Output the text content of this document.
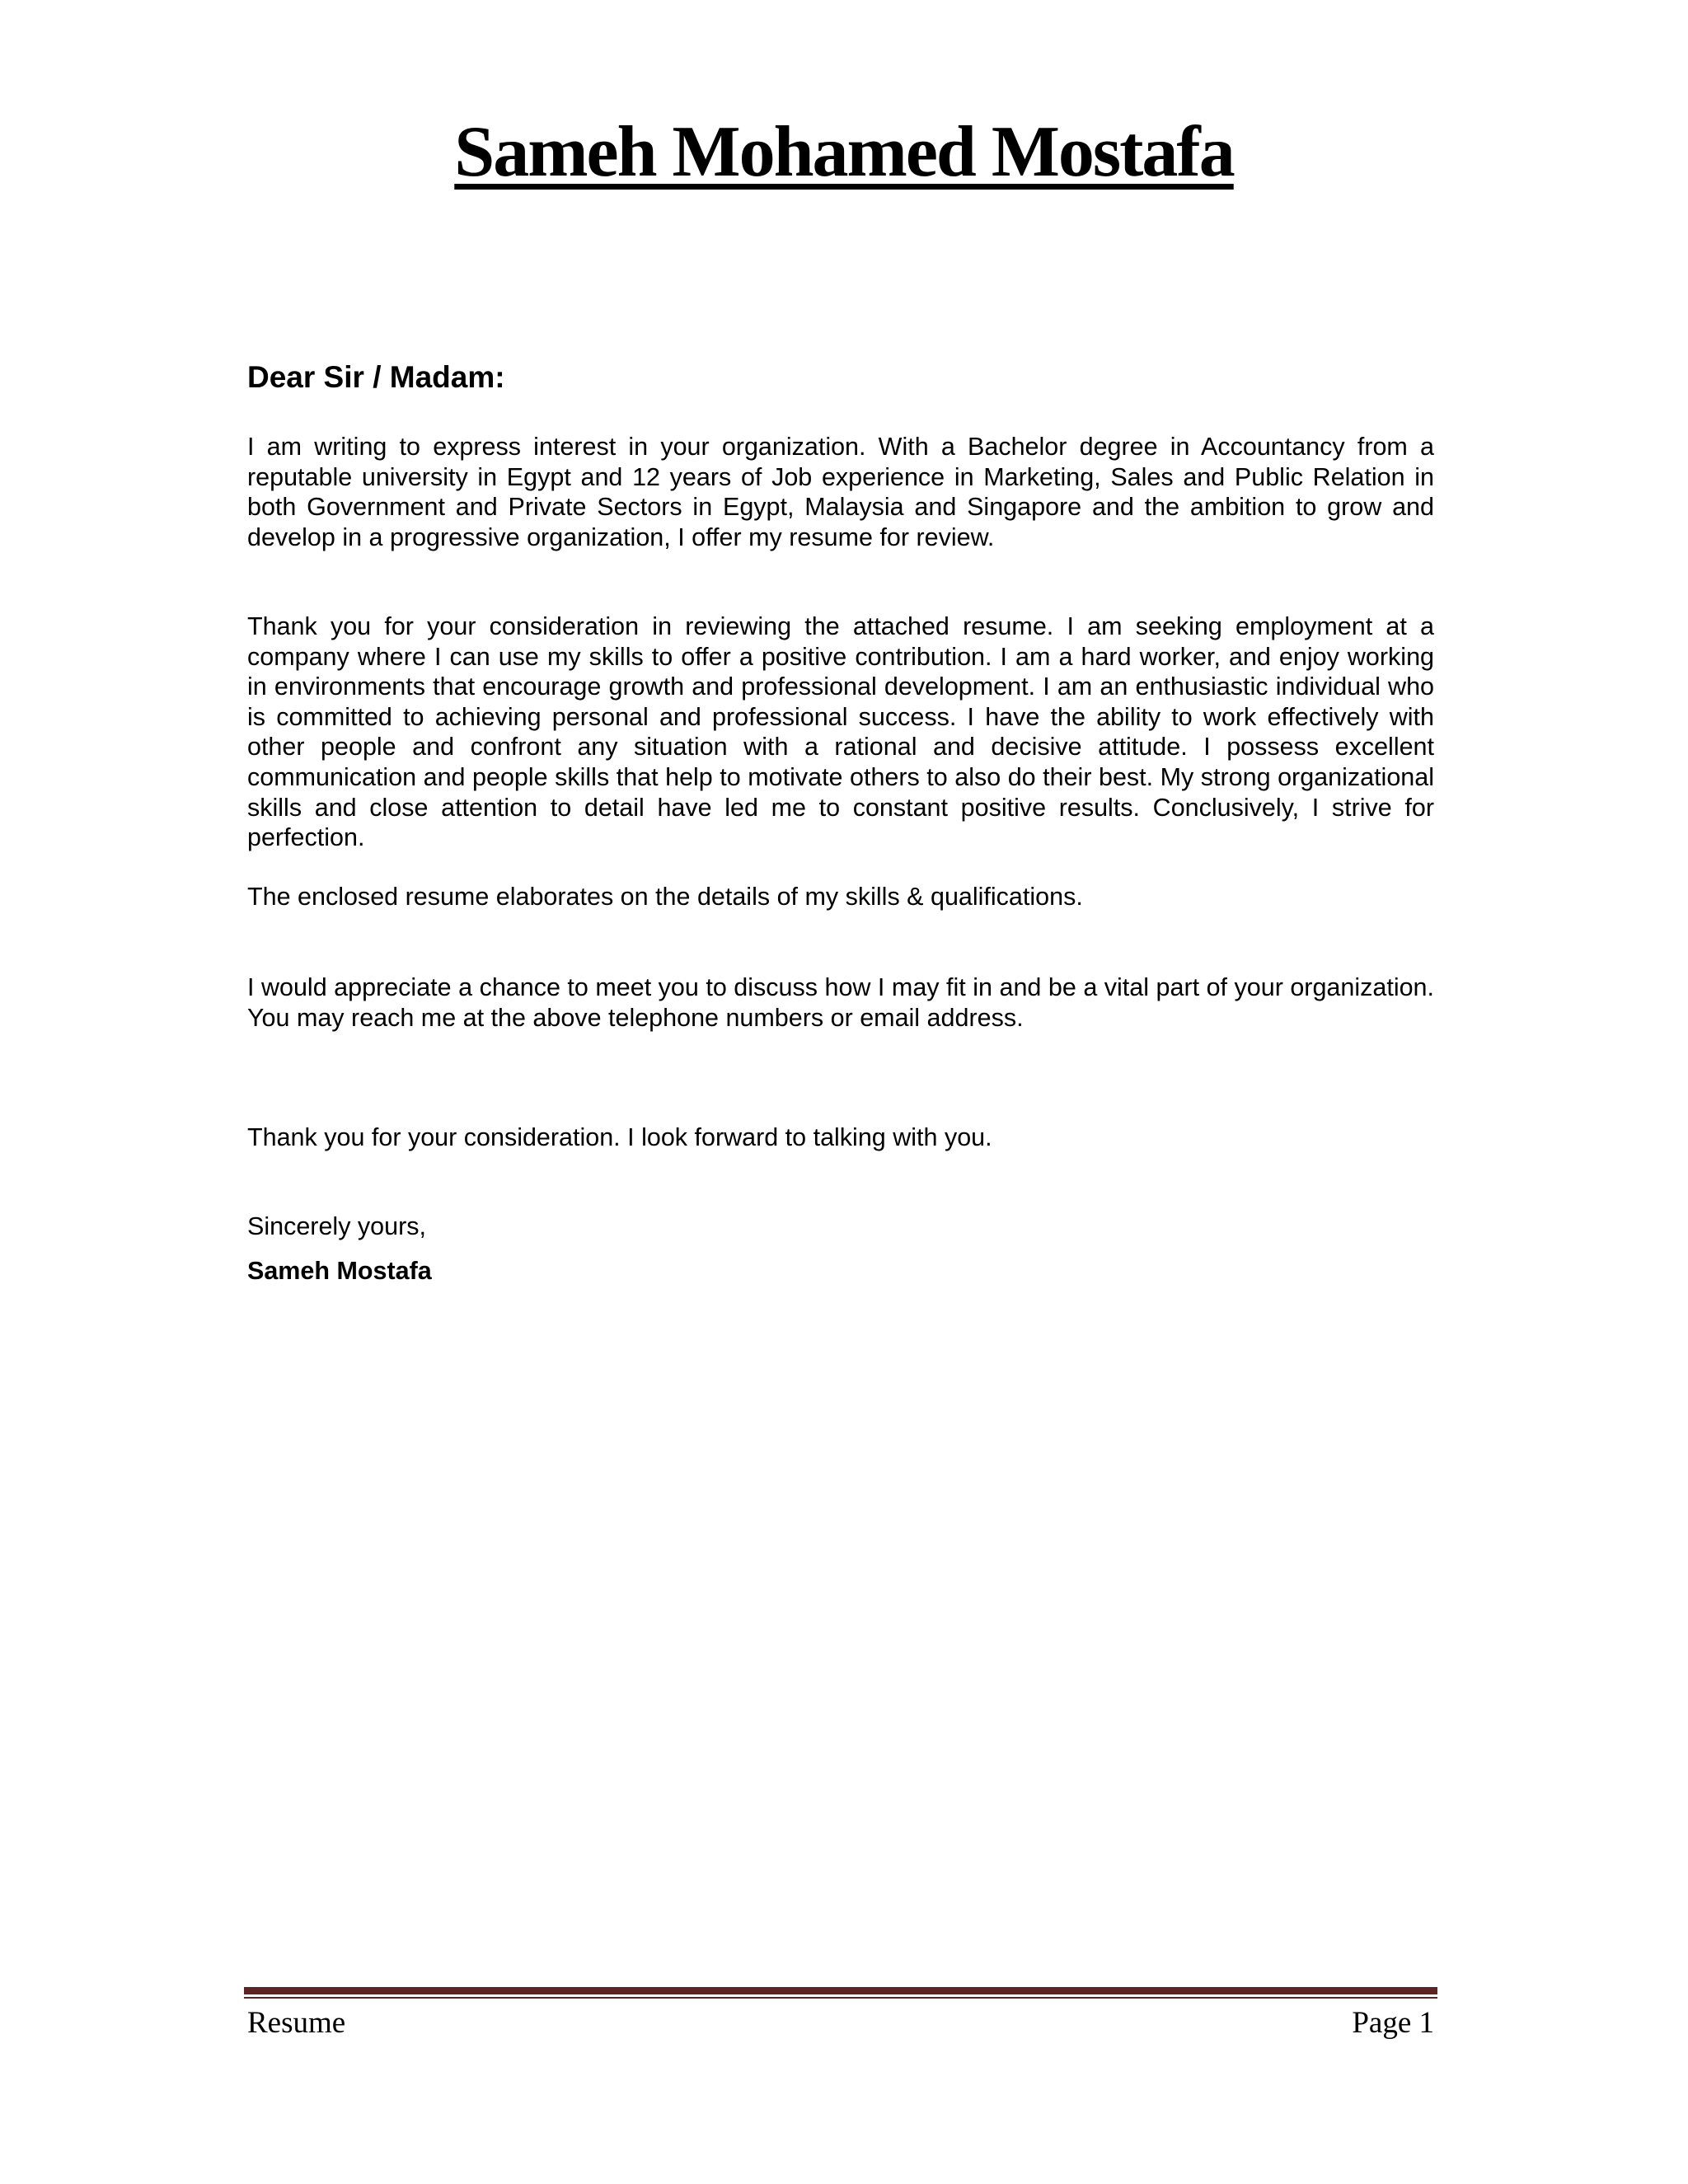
Sameh Mohamed Mostafa

Dear Sir / Madam:

I am writing to express interest in your organization. With a Bachelor degree in Accountancy from a reputable university in Egypt and 12 years of Job experience in Marketing, Sales and Public Relation in both Government and Private Sectors in Egypt, Malaysia and Singapore and the ambition to grow and develop in a progressive organization, I offer my resume for review.

Thank you for your consideration in reviewing the attached resume. I am seeking employment at a company where I can use my skills to offer a positive contribution. I am a hard worker, and enjoy working in environments that encourage growth and professional development. I am an enthusiastic individual who is committed to achieving personal and professional success. I have the ability to work effectively with other people and confront any situation with a rational and decisive attitude. I possess excellent communication and people skills that help to motivate others to also do their best. My strong organizational skills and close attention to detail have led me to constant positive results. Conclusively, I strive for perfection.

The enclosed resume elaborates on the details of my skills & qualifications.

I would appreciate a chance to meet you to discuss how I may fit in and be a vital part of your organization. You may reach me at the above telephone numbers or email address.

Thank you for your consideration. I look forward to talking with you.

Sincerely yours,

Sameh Mostafa

Resume	Page 1
